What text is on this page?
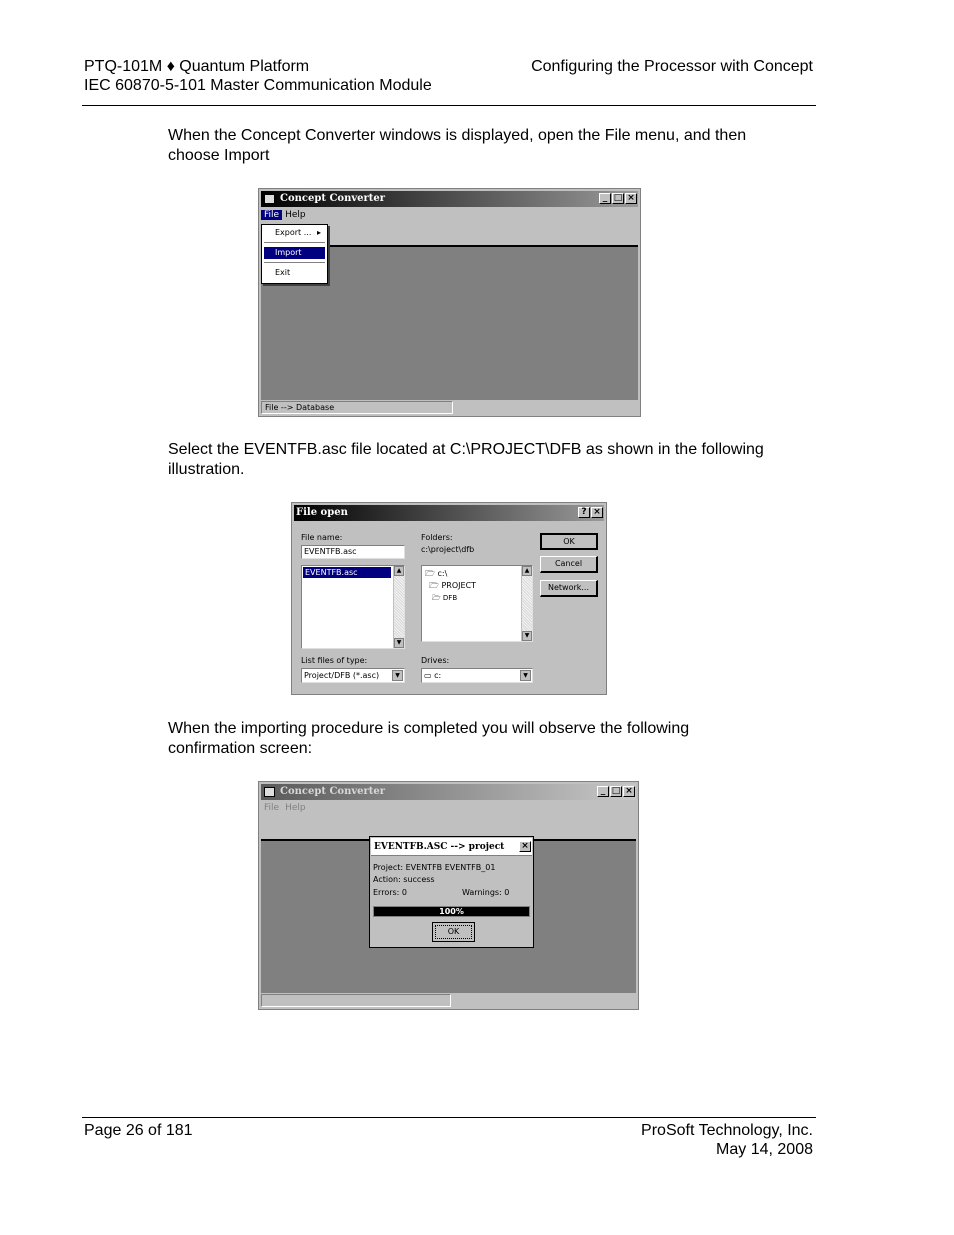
PTQ-101M ♦ Quantum Platform
IEC 60870-5-101 Master Communication Module
Configuring the Processor with Concept
When the Concept Converter windows is displayed, open the File menu, and then choose Import
Concept Converter	_ □ ×
File Help
File --> Database
Export ... ▸
Import
Exit
Select the EVENTFB.asc file located at C:\PROJECT\DFB as shown in the following illustration.
File open	? ×
File name:
EVENTFB.asc
EVENTFB.asc	▲
▼
List files of type:
Project/DFB (*.asc)	▼
Folders:
c:\project\dfb
🗁 c:\
🗁 PROJECT
🗁 DFB
▲
▼
Drives:
▭ c:	▼
OK
Cancel
Network...
When the importing procedure is completed you will observe the following confirmation screen:
Concept Converter	_ □ ×
File Help
EVENTFB.ASC --> project ×
Project: EVENTFB EVENTFB_01
Action: success
Errors: 0	Warnings: 0
100%
OK
Page 26 of 181	ProSoft Technology, Inc.
May 14, 2008
